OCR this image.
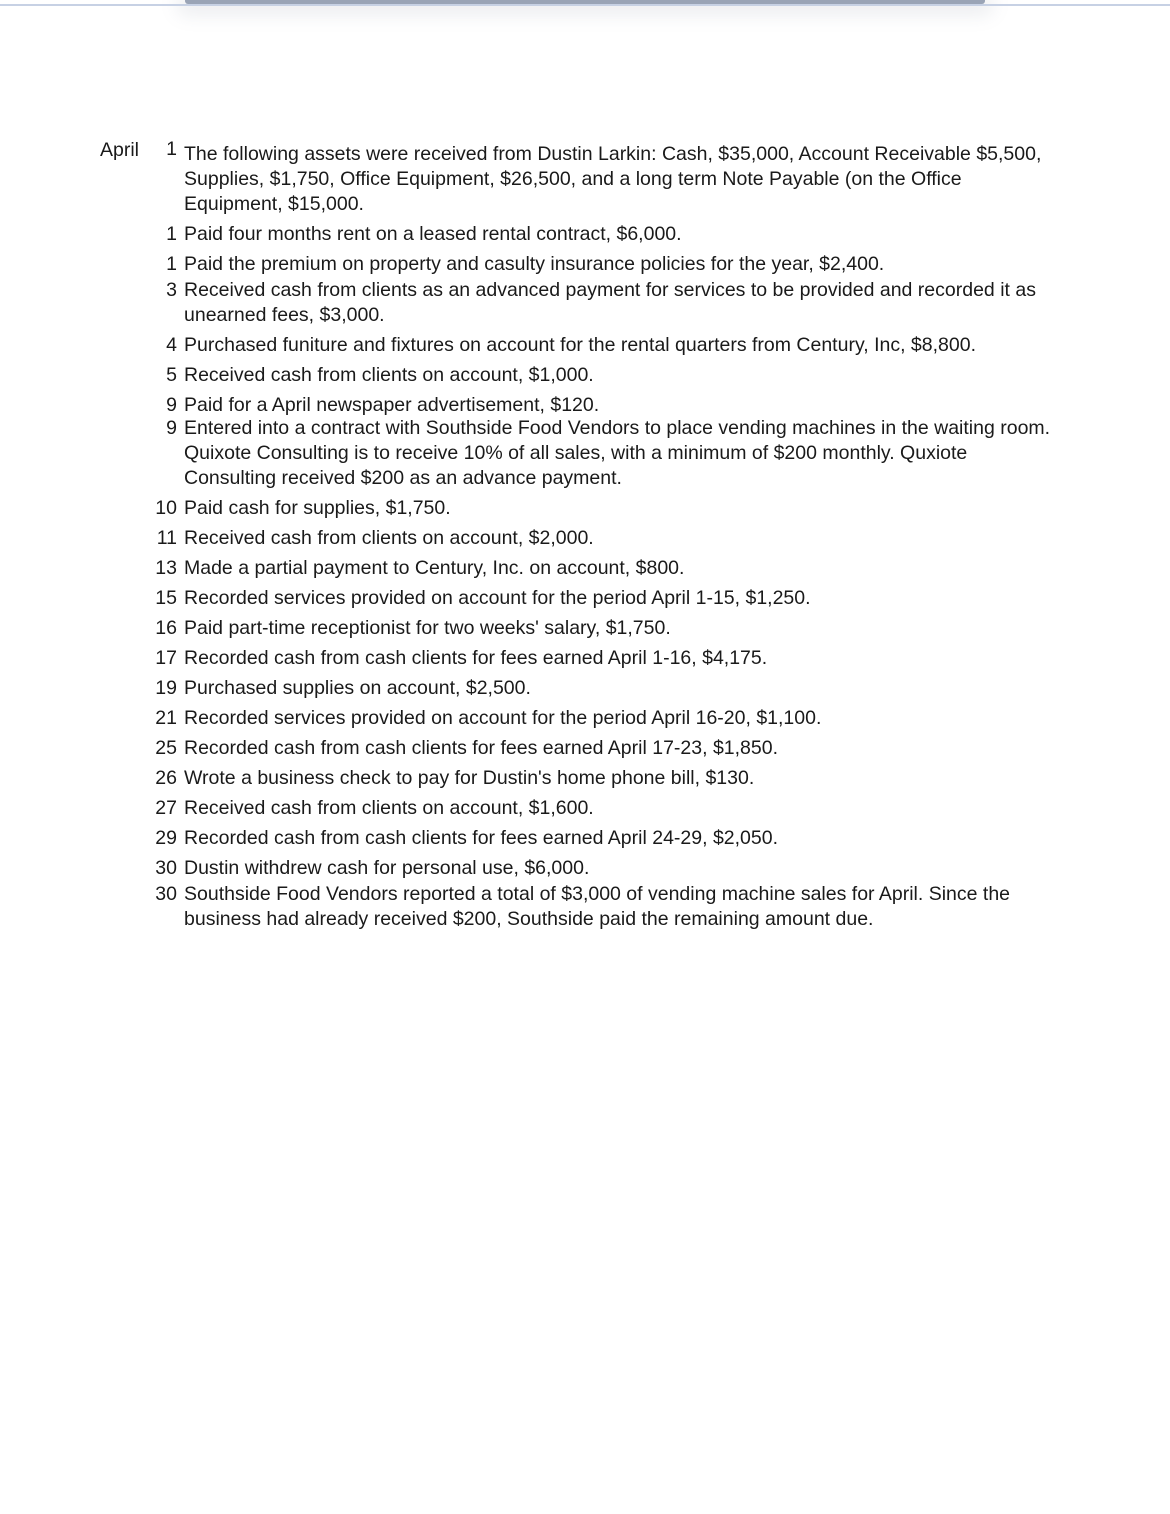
April	1 The following assets were received from Dustin Larkin: Cash, $35,000, Account Receivable $5,500, Supplies, $1,750, Office Equipment, $26,500, and a long term Note Payable (on the Office Equipment, $15,000.
1 Paid four months rent on a leased rental contract, $6,000.
1 Paid the premium on property and casulty insurance policies for the year, $2,400.
3 Received cash from clients as an advanced payment for services to be provided and recorded it as unearned fees, $3,000.
4 Purchased funiture and fixtures on account for the rental quarters from Century, Inc, $8,800.
5 Received cash from clients on account, $1,000.
9 Paid for a April newspaper advertisement, $120.
9 Entered into a contract with Southside Food Vendors to place vending machines in the waiting room. Quixote Consulting is to receive 10% of all sales, with a minimum of $200 monthly. Quxiote Consulting received $200 as an advance payment.
10 Paid cash for supplies, $1,750.
11 Received cash from clients on account, $2,000.
13 Made a partial payment to Century, Inc. on account, $800.
15 Recorded services provided on account for the period April 1-15, $1,250.
16 Paid part-time receptionist for two weeks' salary, $1,750.
17 Recorded cash from cash clients for fees earned April 1-16, $4,175.
19 Purchased supplies on account, $2,500.
21 Recorded services provided on account for the period April 16-20, $1,100.
25 Recorded cash from cash clients for fees earned April 17-23, $1,850.
26 Wrote a business check to pay for Dustin's home phone bill, $130.
27 Received cash from clients on account, $1,600.
29 Recorded cash from cash clients for fees earned April 24-29, $2,050.
30 Dustin withdrew cash for personal use, $6,000.
30 Southside Food Vendors reported a total of $3,000 of vending machine sales for April. Since the business had already received $200, Southside paid the remaining amount due.
